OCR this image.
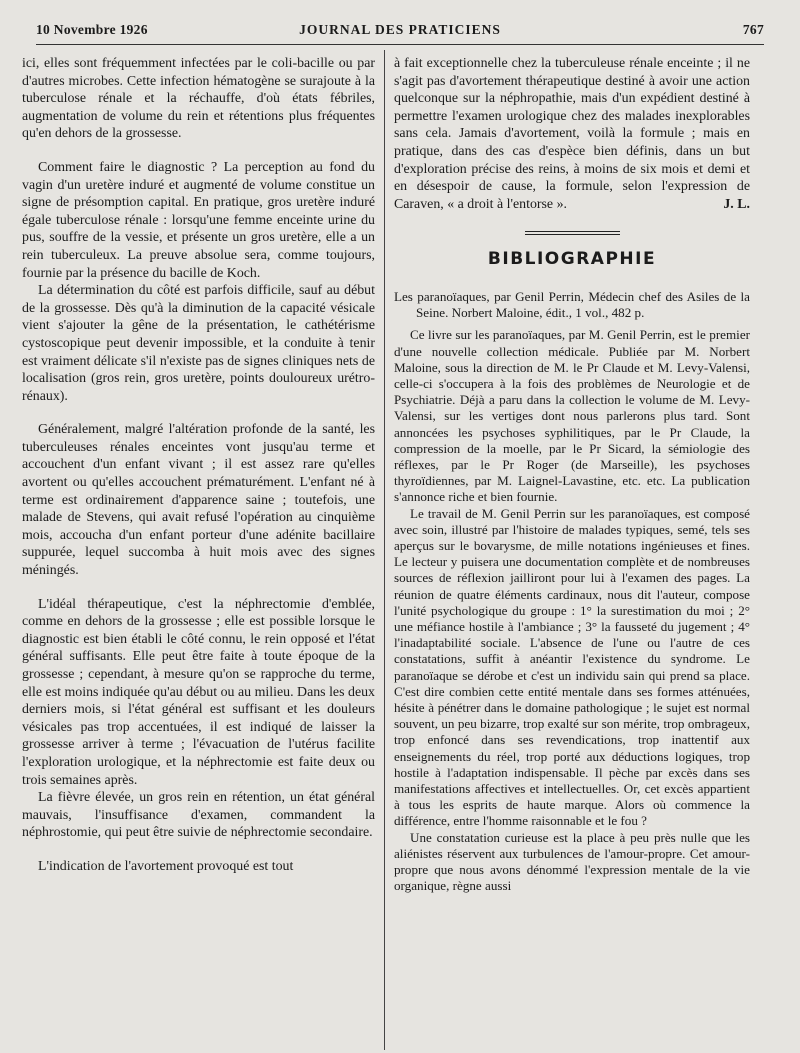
10 Novembre 1926	JOURNAL DES PRATICIENS	767

ici, elles sont fréquemment infectées par le coli-bacille ou par d'autres microbes. Cette infection hématogène se surajoute à la tuberculose rénale et la réchauffe, d'où états fébriles, augmentation de volume du rein et rétentions plus fréquentes qu'en dehors de la grossesse.

Comment faire le diagnostic ? La perception au fond du vagin d'un uretère induré et augmenté de volume constitue un signe de présomption capital. En pratique, gros uretère induré égale tuberculose rénale : lorsqu'une femme enceinte urine du pus, souffre de la vessie, et présente un gros uretère, elle a un rein tuberculeux. La preuve absolue sera, comme toujours, fournie par la présence du bacille de Koch.

La détermination du côté est parfois difficile, sauf au début de la grossesse. Dès qu'à la diminution de la capacité vésicale vient s'ajouter la gêne de la présentation, le cathétérisme cystoscopique peut devenir impossible, et la conduite à tenir est vraiment délicate s'il n'existe pas de signes cliniques nets de localisation (gros rein, gros uretère, points douloureux urétro-rénaux).

Généralement, malgré l'altération profonde de la santé, les tuberculeuses rénales enceintes vont jusqu'au terme et accouchent d'un enfant vivant ; il est assez rare qu'elles avortent ou qu'elles accouchent prématurément. L'enfant né à terme est ordinairement d'apparence saine ; toutefois, une malade de Stevens, qui avait refusé l'opération au cinquième mois, accoucha d'un enfant porteur d'une adénite bacillaire suppurée, lequel succomba à huit mois avec des signes méningés.

L'idéal thérapeutique, c'est la néphrectomie d'emblée, comme en dehors de la grossesse ; elle est possible lorsque le diagnostic est bien établi le côté connu, le rein opposé et l'état général suffisants. Elle peut être faite à toute époque de la grossesse ; cependant, à mesure qu'on se rapproche du terme, elle est moins indiquée qu'au début ou au milieu. Dans les deux derniers mois, si l'état général est suffisant et les douleurs vésicales pas trop accentuées, il est indiqué de laisser la grossesse arriver à terme ; l'évacuation de l'utérus facilite l'exploration urologique, et la néphrectomie est faite deux ou trois semaines après.

La fièvre élevée, un gros rein en rétention, un état général mauvais, l'insuffisance d'examen, commandent la néphrostomie, qui peut être suivie de néphrectomie secondaire.

L'indication de l'avortement provoqué est tout

à fait exceptionnelle chez la tuberculeuse rénale enceinte ; il ne s'agit pas d'avortement thérapeutique destiné à avoir une action quelconque sur la néphropathie, mais d'un expédient destiné à permettre l'examen urologique chez des malades inexplorables sans cela. Jamais d'avortement, voilà la formule ; mais en pratique, dans des cas d'espèce bien définis, dans un but d'exploration précise des reins, à moins de six mois et demi et en désespoir de cause, la formule, selon l'expression de Caraven, « a droit à l'entorse ».	J. L.

BIBLIOGRAPHIE

Les paranoïaques, par Genil Perrin, Médecin chef des Asiles de la Seine. Norbert Maloine, édit., 1 vol., 482 p.

Ce livre sur les paranoïaques, par M. Genil Perrin, est le premier d'une nouvelle collection médicale. Publiée par M. Norbert Maloine, sous la direction de M. le Pr Claude et M. Levy-Valensi, celle-ci s'occupera à la fois des problèmes de Neurologie et de Psychiatrie. Déjà a paru dans la collection le volume de M. Levy-Valensi, sur les vertiges dont nous parlerons plus tard. Sont annoncées les psychoses syphilitiques, par le Pr Claude, la compression de la moelle, par le Pr Sicard, la sémiologie des réflexes, par le Pr Roger (de Marseille), les psychoses thyroïdiennes, par M. Laignel-Lavastine, etc. etc. La publication s'annonce riche et bien fournie.

Le travail de M. Genil Perrin sur les paranoïaques, est composé avec soin, illustré par l'histoire de malades typiques, semé, tels ses aperçus sur le bovarysme, de mille notations ingénieuses et fines. Le lecteur y puisera une documentation complète et de nombreuses sources de réflexion jailliront pour lui à l'examen des pages. La réunion de quatre éléments cardinaux, nous dit l'auteur, compose l'unité psychologique du groupe : 1° la surestimation du moi ; 2° une méfiance hostile à l'ambiance ; 3° la fausseté du jugement ; 4° l'inadaptabilité sociale. L'absence de l'une ou l'autre de ces constatations, suffit à anéantir l'existence du syndrome. Le paranoïaque se dérobe et c'est un individu sain qui prend sa place. C'est dire combien cette entité mentale dans ses formes atténuées, hésite à pénétrer dans le domaine pathologique ; le sujet est normal souvent, un peu bizarre, trop exalté sur son mérite, trop ombrageux, trop enfoncé dans ses revendications, trop inattentif aux enseignements du réel, trop porté aux déductions logiques, trop hostile à l'adaptation indispensable. Il pèche par excès dans ses manifestations affectives et intellectuelles. Or, cet excès appartient à tous les esprits de haute marque. Alors où commence la différence, entre l'homme raisonnable et le fou ?

Une constatation curieuse est la place à peu près nulle que les aliénistes réservent aux turbulences de l'amour-propre. Cet amour-propre que nous avons dénommé l'expression mentale de la vie organique, règne aussi
